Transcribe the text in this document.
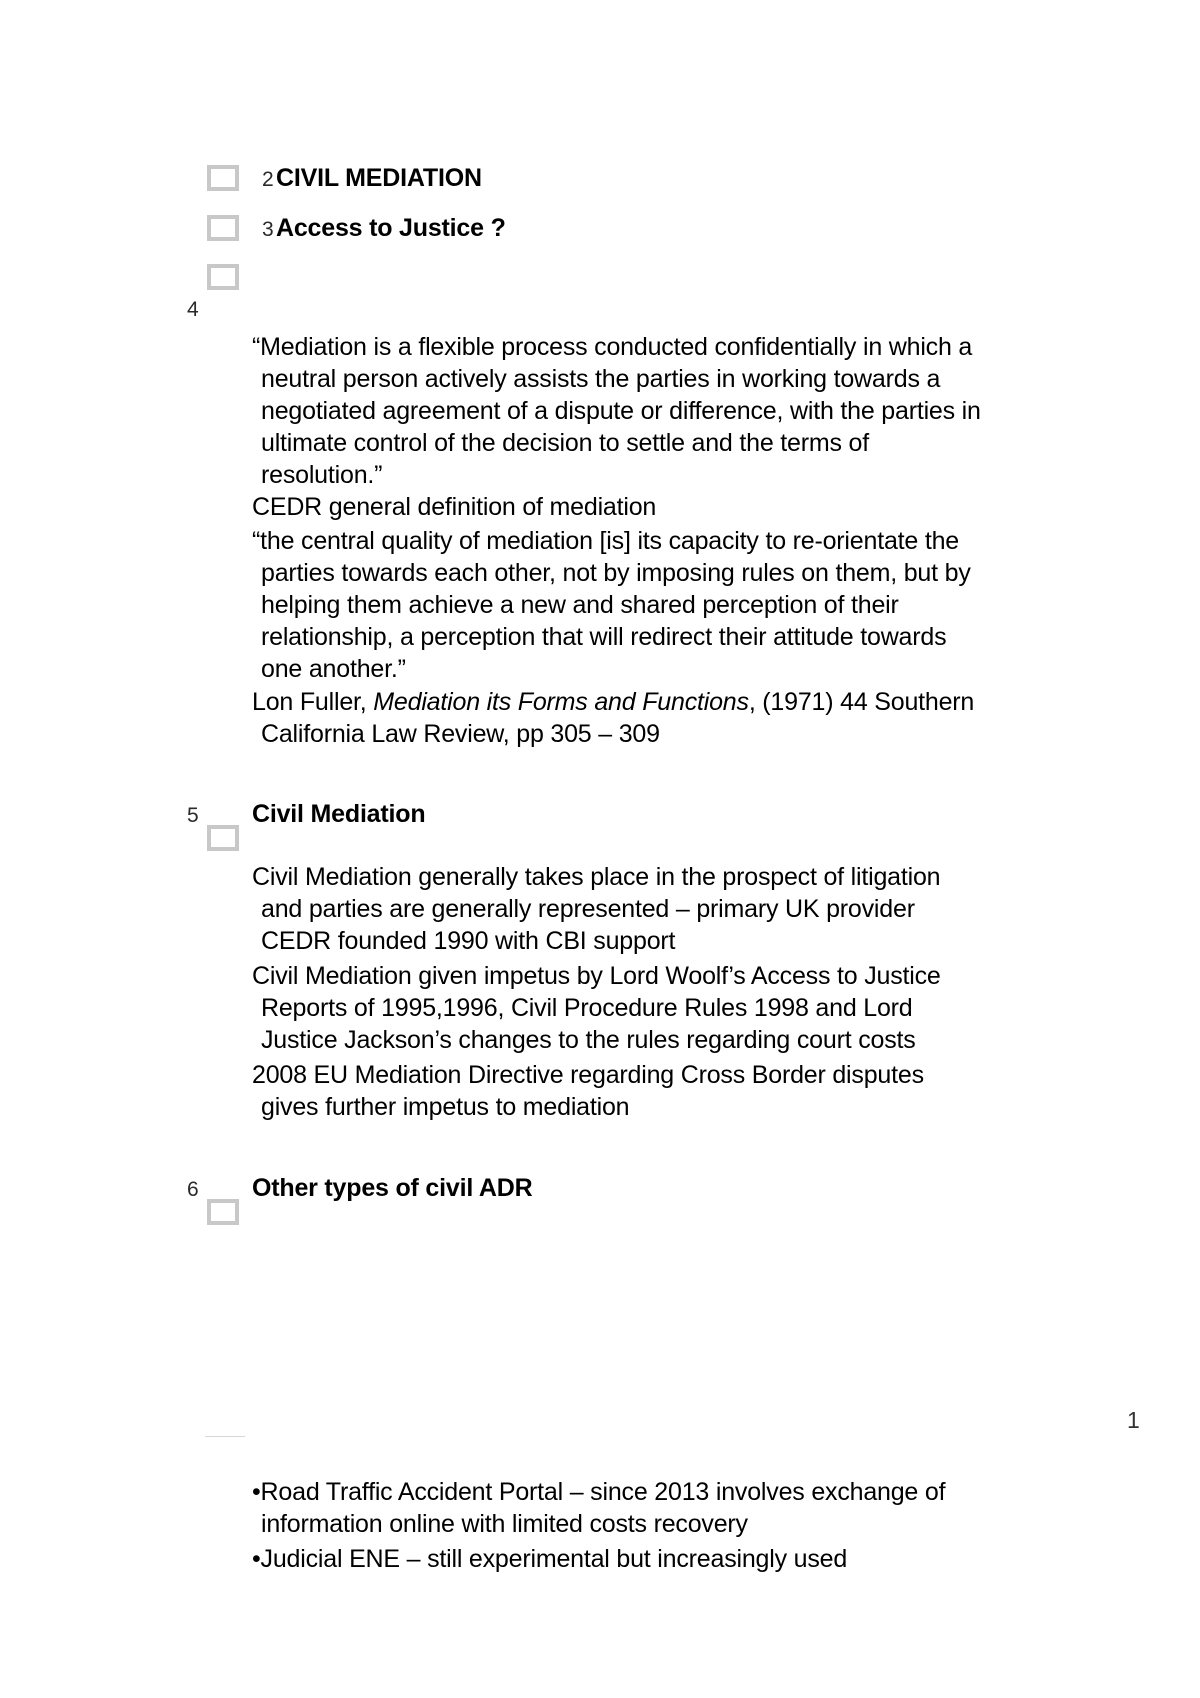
2 CIVIL MEDIATION
3 Access to Justice ?
4
“Mediation is a flexible process conducted confidentially in which a
neutral person actively assists the parties in working towards a
negotiated agreement of a dispute or difference, with the parties in
ultimate control of the decision to settle and the terms of
resolution.”
CEDR general definition of mediation
“the central quality of mediation [is] its capacity to re-orientate the
parties towards each other, not by imposing rules on them, but by
helping them achieve a new and shared perception of their
relationship, a perception that will redirect their attitude towards
one another.”
Lon Fuller, Mediation its Forms and Functions, (1971) 44 Southern
California Law Review, pp 305 – 309
5 Civil Mediation
Civil Mediation generally takes place in the prospect of litigation
and parties are generally represented – primary UK provider
CEDR founded 1990 with CBI support
Civil Mediation given impetus by Lord Woolf’s Access to Justice
Reports of 1995,1996, Civil Procedure Rules 1998 and Lord
Justice Jackson’s changes to the rules regarding court costs
2008 EU Mediation Directive regarding Cross Border disputes
gives further impetus to mediation
6 Other types of civil ADR
1
•Road Traffic Accident Portal – since 2013 involves exchange of
information online with limited costs recovery
•Judicial ENE – still experimental but increasingly used
